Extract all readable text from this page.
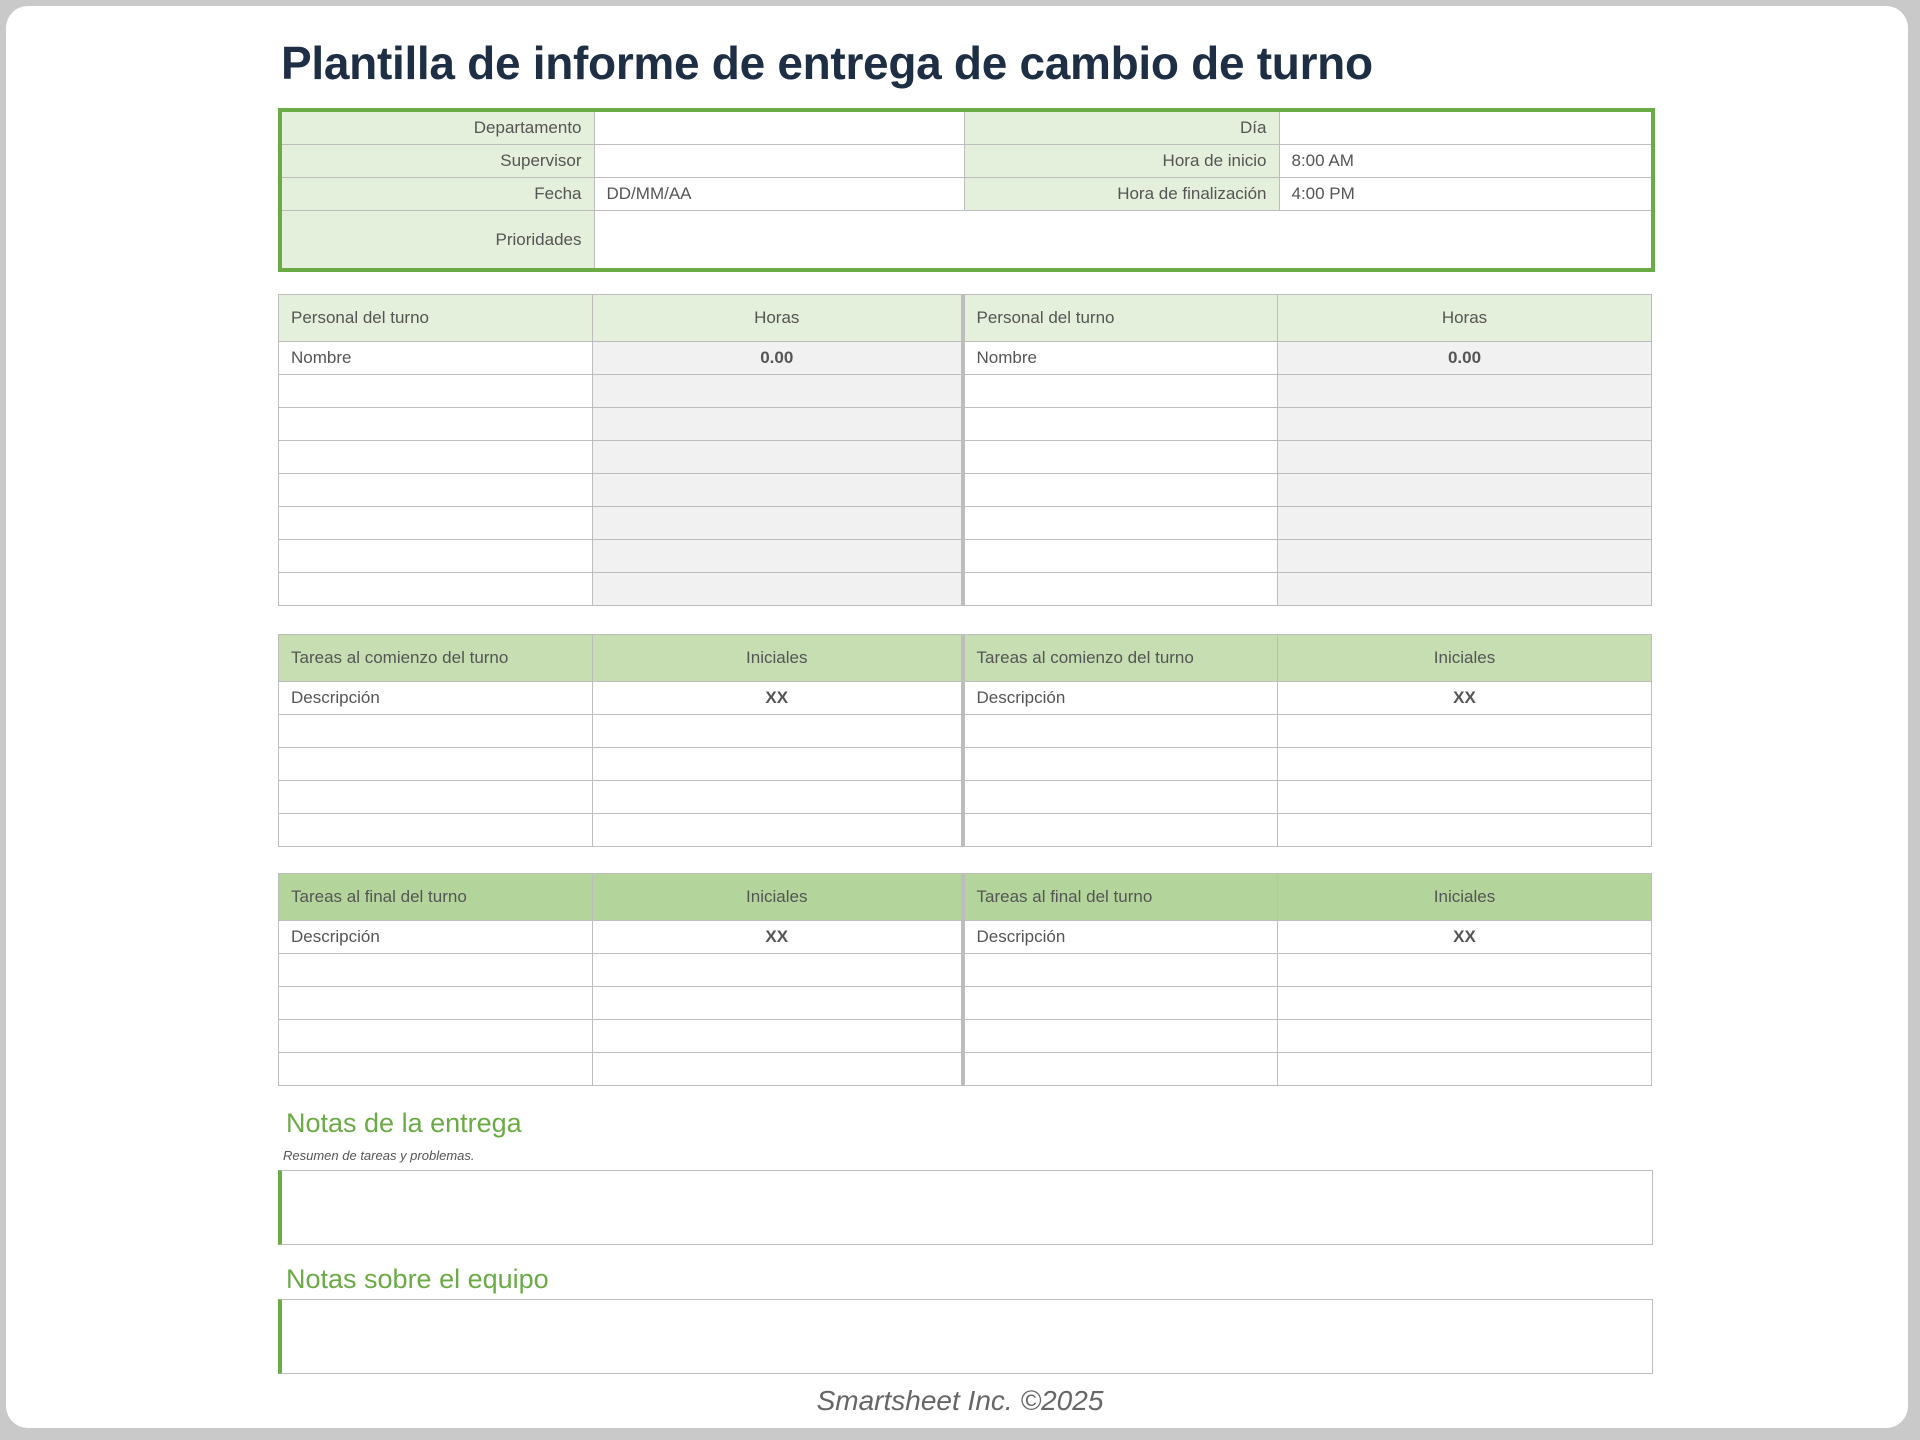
Plantilla de informe de entrega de cambio de turno
Departamento		Día	
Supervisor		Hora de inicio	8:00 AM
Fecha	DD/MM/AA	Hora de finalización	4:00 PM
Prioridades			
Personal del turno	Horas	Personal del turno	Horas
Nombre	0.00	Nombre	0.00

Tareas al comienzo del turno	Iniciales	Tareas al comienzo del turno	Iniciales
Descripción	XX	Descripción	XX

Tareas al final del turno	Iniciales	Tareas al final del turno	Iniciales
Descripción	XX	Descripción	XX

Notas de la entrega
Resumen de tareas y problemas.
Notas sobre el equipo
Smartsheet Inc. ©2025
